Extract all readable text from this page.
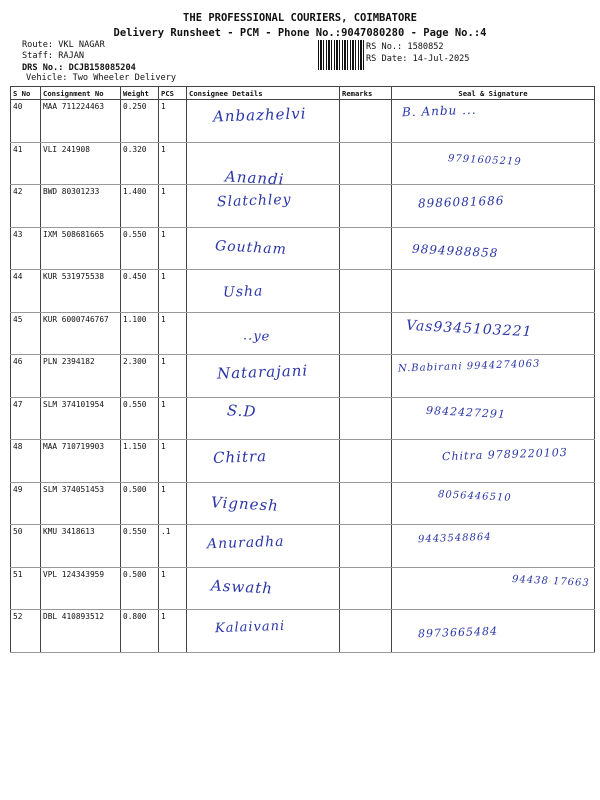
THE PROFESSIONAL COURIERS, COIMBATORE
Delivery Runsheet - PCM - Phone No.:9047080280 - Page No.:4
Route: VKL NAGAR
Staff: RAJAN
DRS No.: DCJB158085204
Vehicle: Two Wheeler Delivery
RS No.: 1580852
RS Date: 14-Jul-2025
S No	Consignment No	Weight	PCS	Consignee Details	Remarks	Seal & Signature
40	MAA 711224463	0.250	1	Anbazhelvi		B. Anbu ...

41	VLI 241908	0.320	1	Anandi		9791605219

42	BWD 80301233	1.400	1	Slatchley		8986081686

43	IXM 508681665	0.550	1	Goutham		9894988858

44	KUR 531975538	0.450	1	Usha		

45	KUR 6000746767	1.100	1	..ye		Vas9345103221

46	PLN 2394182	2.300	1	Natarajani		N.Babirani 9944274063

47	SLM 374101954	0.550	1	S.D		9842427291

48	MAA 710719903	1.150	1	Chitra		Chitra 9789220103

49	SLM 374051453	0.500	1	Vignesh		8056446510

50	KMU 3418613	0.550	.1	Anuradha		9443548864

51	VPL 124343959	0.500	1	Aswath		94438 17663

52	DBL 410893512	0.800	1	Kalaivani		8973665484
